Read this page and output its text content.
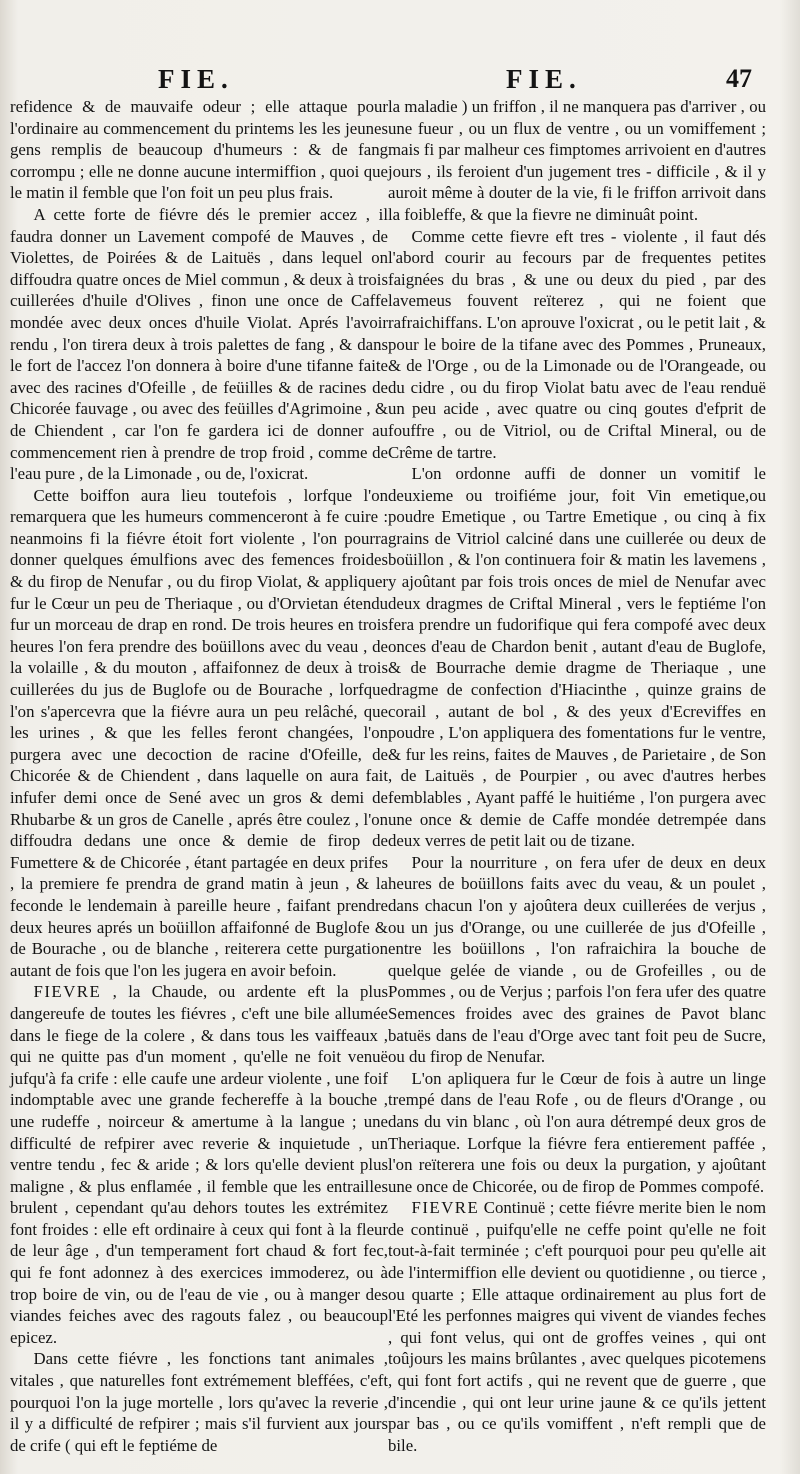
FIE.	FIE.	47

refidence & de mauvaife odeur ; elle attaque pour l'ordinaire au commencement du printems les les jeunes gens remplis de beaucoup d'humeurs : & de fang corrompu ; elle ne donne aucune intermiffion , quoi que le matin il femble que l'on foit un peu plus frais.

A cette forte de fiévre dés le premier accez , il faudra donner un Lavement compofé de Mauves , de Violettes, de Poirées & de Laituës , dans lequel on diffoudra quatre onces de Miel commun , & deux à trois cuillerées d'huile d'Olives , finon une once de Caffe mondée avec deux onces d'huile Violat. Aprés l'avoir rendu , l'on tirera deux à trois palettes de fang , & dans le fort de l'accez l'on donnera à boire d'une tifanne faite avec des racines d'Ofeille , de feüilles & de racines de Chicorée fauvage , ou avec des feüilles d'Agrimoine , & de Chiendent , car l'on fe gardera ici de donner au commencement rien à prendre de trop froid , comme de l'eau pure , de la Limonade , ou de, l'oxicrat.

Cette boiffon aura lieu toutefois , lorfque l'on remarquera que les humeurs commenceront à fe cuire : neanmoins fi la fiévre étoit fort violente , l'on pourra donner quelques émulfions avec des femences froides & du firop de Nenufar , ou du firop Violat, & appliquer fur le Cœur un peu de Theriaque , ou d'Orvietan étendu fur un morceau de drap en rond. De trois heures en trois heures l'on fera prendre des boüillons avec du veau , de la volaille , & du mouton , affaifonnez de deux à trois cuillerées du jus de Buglofe ou de Bourache , lorfque l'on s'apercevra que la fiévre aura un peu relâché, que les urines , & que les felles feront changées, l'on purgera avec une decoction de racine d'Ofeille, de Chicorée & de Chiendent , dans laquelle on aura fait infufer demi once de Sené avec un gros & demi de Rhubarbe & un gros de Canelle , aprés être coulez , l'on diffoudra dedans une once & demie de firop de Fumettere & de Chicorée , étant partagée en deux prifes , la premiere fe prendra de grand matin à jeun , & la feconde le lendemain à pareille heure , faifant prendre deux heures aprés un boüillon affaifonné de Buglofe & de Bourache , ou de blanche , reiterera cette purgation autant de fois que l'on les jugera en avoir befoin.

FIEVRE , la Chaude, ou ardente eft la plus dangereufe de toutes les fiévres , c'eft une bile allumée dans le fiege de la colere , & dans tous les vaiffeaux , qui ne quitte pas d'un moment , qu'elle ne foit venuë jufqu'à fa crife : elle caufe une ardeur violente , une foif indomptable avec une grande fechereffe à la bouche , une rudeffe , noirceur & amertume à la langue ; une difficulté de refpirer avec reverie & inquietude , un ventre tendu , fec & aride ; & lors qu'elle devient plus maligne , & plus enflamée , il femble que les entrailles brulent , cependant qu'au dehors toutes les extrémitez font froides : elle eft ordinaire à ceux qui font à la fleur de leur âge , d'un temperament fort chaud & fort fec, qui fe font adonnez à des exercices immoderez, ou à trop boire de vin, ou de l'eau de vie , ou à manger des viandes feiches avec des ragouts falez , ou beaucoup epicez.

Dans cette fiévre , les fonctions tant animales , vitales , que naturelles font extrémement bleffées, c'eft pourquoi l'on la juge mortelle , lors qu'avec la reverie , il y a difficulté de refpirer ; mais s'il furvient aux jours de crife ( qui eft le feptiéme de

la maladie ) un friffon , il ne manquera pas d'arriver , ou une fueur , ou un flux de ventre , ou un vomiffement ; mais fi par malheur ces fimptomes arrivoient en d'autres jours , ils feroient d'un jugement tres - difficile , & il y auroit même à douter de la vie, fi le friffon arrivoit dans la foibleffe, & que la fievre ne diminuât point.

Comme cette fievre eft tres - violente , il faut dés l'abord courir au fecours par de frequentes petites faignées du bras , & une ou deux du pied , par des lavemeus fouvent reïterez , qui ne foient que rafraichiffans. L'on aprouve l'oxicrat , ou le petit lait , & pour le boire de la tifane avec des Pommes , Pruneaux, & de l'Orge , ou de la Limonade ou de l'Orangeade, ou du cidre , ou du firop Violat batu avec de l'eau renduë un peu acide , avec quatre ou cinq goutes d'efprit de fouffre , ou de Vitriol, ou de Criftal Mineral, ou de Crême de tartre.

L'on ordonne auffi de donner un vomitif le deuxieme ou troifiéme jour, foit Vin emetique,ou poudre Emetique , ou Tartre Emetique , ou cinq à fix grains de Vitriol calciné dans une cuillerée ou deux de boüillon , & l'on continuera foir & matin les lavemens , y ajoûtant par fois trois onces de miel de Nenufar avec deux dragmes de Criftal Mineral , vers le feptiéme l'on fera prendre un fudorifique qui fera compofé avec deux onces d'eau de Chardon benit , autant d'eau de Buglofe, & de Bourrache demie dragme de Theriaque , une dragme de confection d'Hiacinthe , quinze grains de corail , autant de bol , & des yeux d'Ecreviffes en poudre , L'on appliquera des fomentations fur le ventre, & fur les reins, faites de Mauves , de Parietaire , de Son , de Laituës , de Pourpier , ou avec d'autres herbes femblables , Ayant paffé le huitiéme , l'on purgera avec une once & demie de Caffe mondée detrempée dans deux verres de petit lait ou de tizane.

Pour la nourriture , on fera ufer de deux en deux heures de boüillons faits avec du veau, & un poulet , dans chacun l'on y ajoûtera deux cuillerées de verjus , ou un jus d'Orange, ou une cuillerée de jus d'Ofeille , entre les boüillons , l'on rafraichira la bouche de quelque gelée de viande , ou de Grofeilles , ou de Pommes , ou de Verjus ; parfois l'on fera ufer des quatre Semences froides avec des graines de Pavot blanc batuës dans de l'eau d'Orge avec tant foit peu de Sucre, ou du firop de Nenufar.

L'on apliquera fur le Cœur de fois à autre un linge trempé dans de l'eau Rofe , ou de fleurs d'Orange , ou dans du vin blanc , où l'on aura détrempé deux gros de Theriaque. Lorfque la fiévre fera entierement paffée , l'on reïterera une fois ou deux la purgation, y ajoûtant une once de Chicorée, ou de firop de Pommes compofé.

FIEVRE Continuë ; cette fiévre merite bien le nom de continuë , puifqu'elle ne ceffe point qu'elle ne foit tout-à-fait terminée ; c'eft pourquoi pour peu qu'elle ait de l'intermiffion elle devient ou quotidienne , ou tierce , ou quarte ; Elle attaque ordinairement au plus fort de l'Eté les perfonnes maigres qui vivent de viandes feches , qui font velus, qui ont de groffes veines , qui ont toûjours les mains brûlantes , avec quelques picotemens , qui font fort actifs , qui ne revent que de guerre , que d'incendie , qui ont leur urine jaune & ce qu'ils jettent par bas , ou ce qu'ils vomiffent , n'eft rempli que de bile.
